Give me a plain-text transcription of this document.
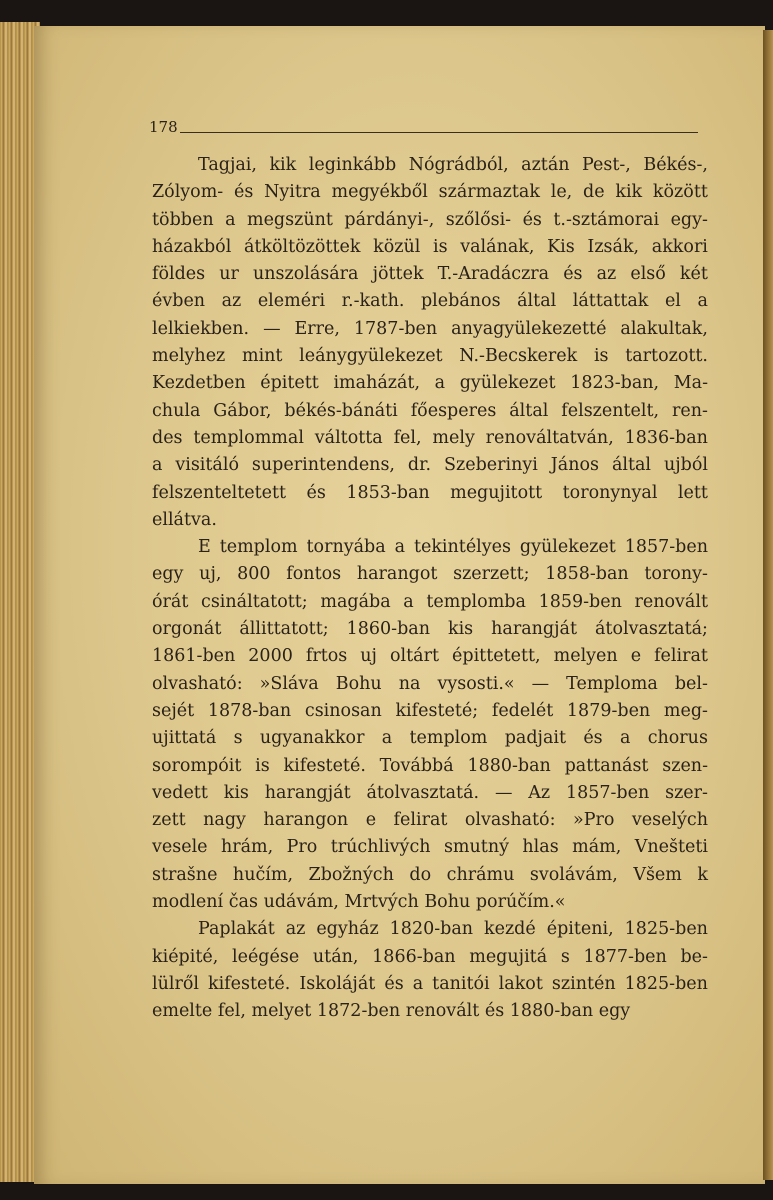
178
Tagjai, kik leginkább Nógrádból, aztán Pest-, Békés-,
Zólyom- és Nyitra megyékből származtak le, de kik között
többen a megszünt párdányi-, szőlősi- és t.-sztámorai egy-
házakból átköltözöttek közül is valának, Kis Izsák, akkori
földes ur unszolására jöttek T.-Aradáczra és az első két
évben az eleméri r.-kath. plebános által láttattak el a
lelkiekben. — Erre, 1787-ben anyagyülekezetté alakultak,
melyhez mint leánygyülekezet N.-Becskerek is tartozott.
Kezdetben épitett imaházát, a gyülekezet 1823-ban, Ma-
chula Gábor, békés-bánáti főesperes által felszentelt, ren-
des templommal váltotta fel, mely renováltatván, 1836-ban
a visitáló superintendens, dr. Szeberinyi János által ujból
felszenteltetett és 1853-ban megujitott toronynyal lett
ellátva.
E templom tornyába a tekintélyes gyülekezet 1857-ben
egy uj, 800 fontos harangot szerzett; 1858-ban torony-
órát csináltatott; magába a templomba 1859-ben renovált
orgonát állittatott; 1860-ban kis harangját átolvasztatá;
1861-ben 2000 frtos uj oltárt épittetett, melyen e felirat
olvasható: »Sláva Bohu na vysosti.« — Temploma bel-
sejét 1878-ban csinosan kifesteté; fedelét 1879-ben meg-
ujittatá s ugyanakkor a templom padjait és a chorus
sorompóit is kifesteté. Továbbá 1880-ban pattanást szen-
vedett kis harangját átolvasztatá. — Az 1857-ben szer-
zett nagy harangon e felirat olvasható: »Pro veselých
vesele hrám, Pro trúchlivých smutný hlas mám, Vnešteti
strašne hučím, Zbožných do chrámu svolávám, Všem k
modlení čas udávám, Mrtvých Bohu porúčím.«
Paplakát az egyház 1820-ban kezdé épiteni, 1825-ben
kiépité, leégése után, 1866-ban megujitá s 1877-ben be-
lülről kifesteté. Iskoláját és a tanitói lakot szintén 1825-ben
emelte fel, melyet 1872-ben renovált és 1880-ban egy
